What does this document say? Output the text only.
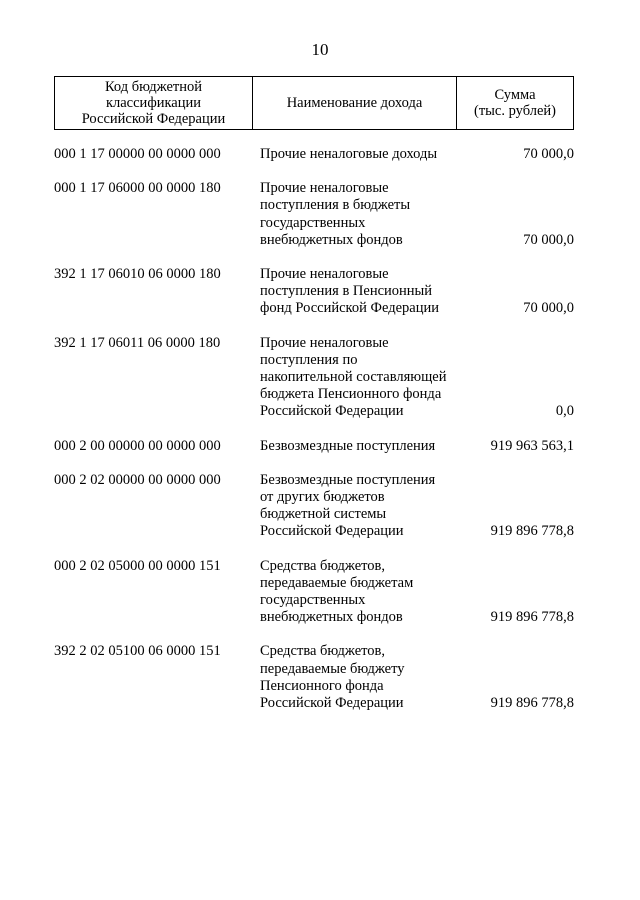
10
Код бюджетной
классификации
Российской Федерации
Наименование дохода	Сумма
(тыс. рублей)
000 1 17 00000 00 0000 000	Прочие неналоговые доходы	70 000,0
000 1 17 06000 00 0000 180	Прочие неналоговые
поступления в бюджеты
государственных
внебюджетных фондов	70 000,0
392 1 17 06010 06 0000 180	Прочие неналоговые
поступления в Пенсионный
фонд Российской Федерации	70 000,0
392 1 17 06011 06 0000 180	Прочие неналоговые
поступления по
накопительной составляющей
бюджета Пенсионного фонда
Российской Федерации	0,0
000 2 00 00000 00 0000 000	Безвозмездные поступления	919 963 563,1
000 2 02 00000 00 0000 000	Безвозмездные поступления
от других бюджетов
бюджетной системы
Российской Федерации	919 896 778,8
000 2 02 05000 00 0000 151	Средства бюджетов,
передаваемые бюджетам
государственных
внебюджетных фондов	919 896 778,8
392 2 02 05100 06 0000 151	Средства бюджетов,
передаваемые бюджету
Пенсионного фонда
Российской Федерации	919 896 778,8
